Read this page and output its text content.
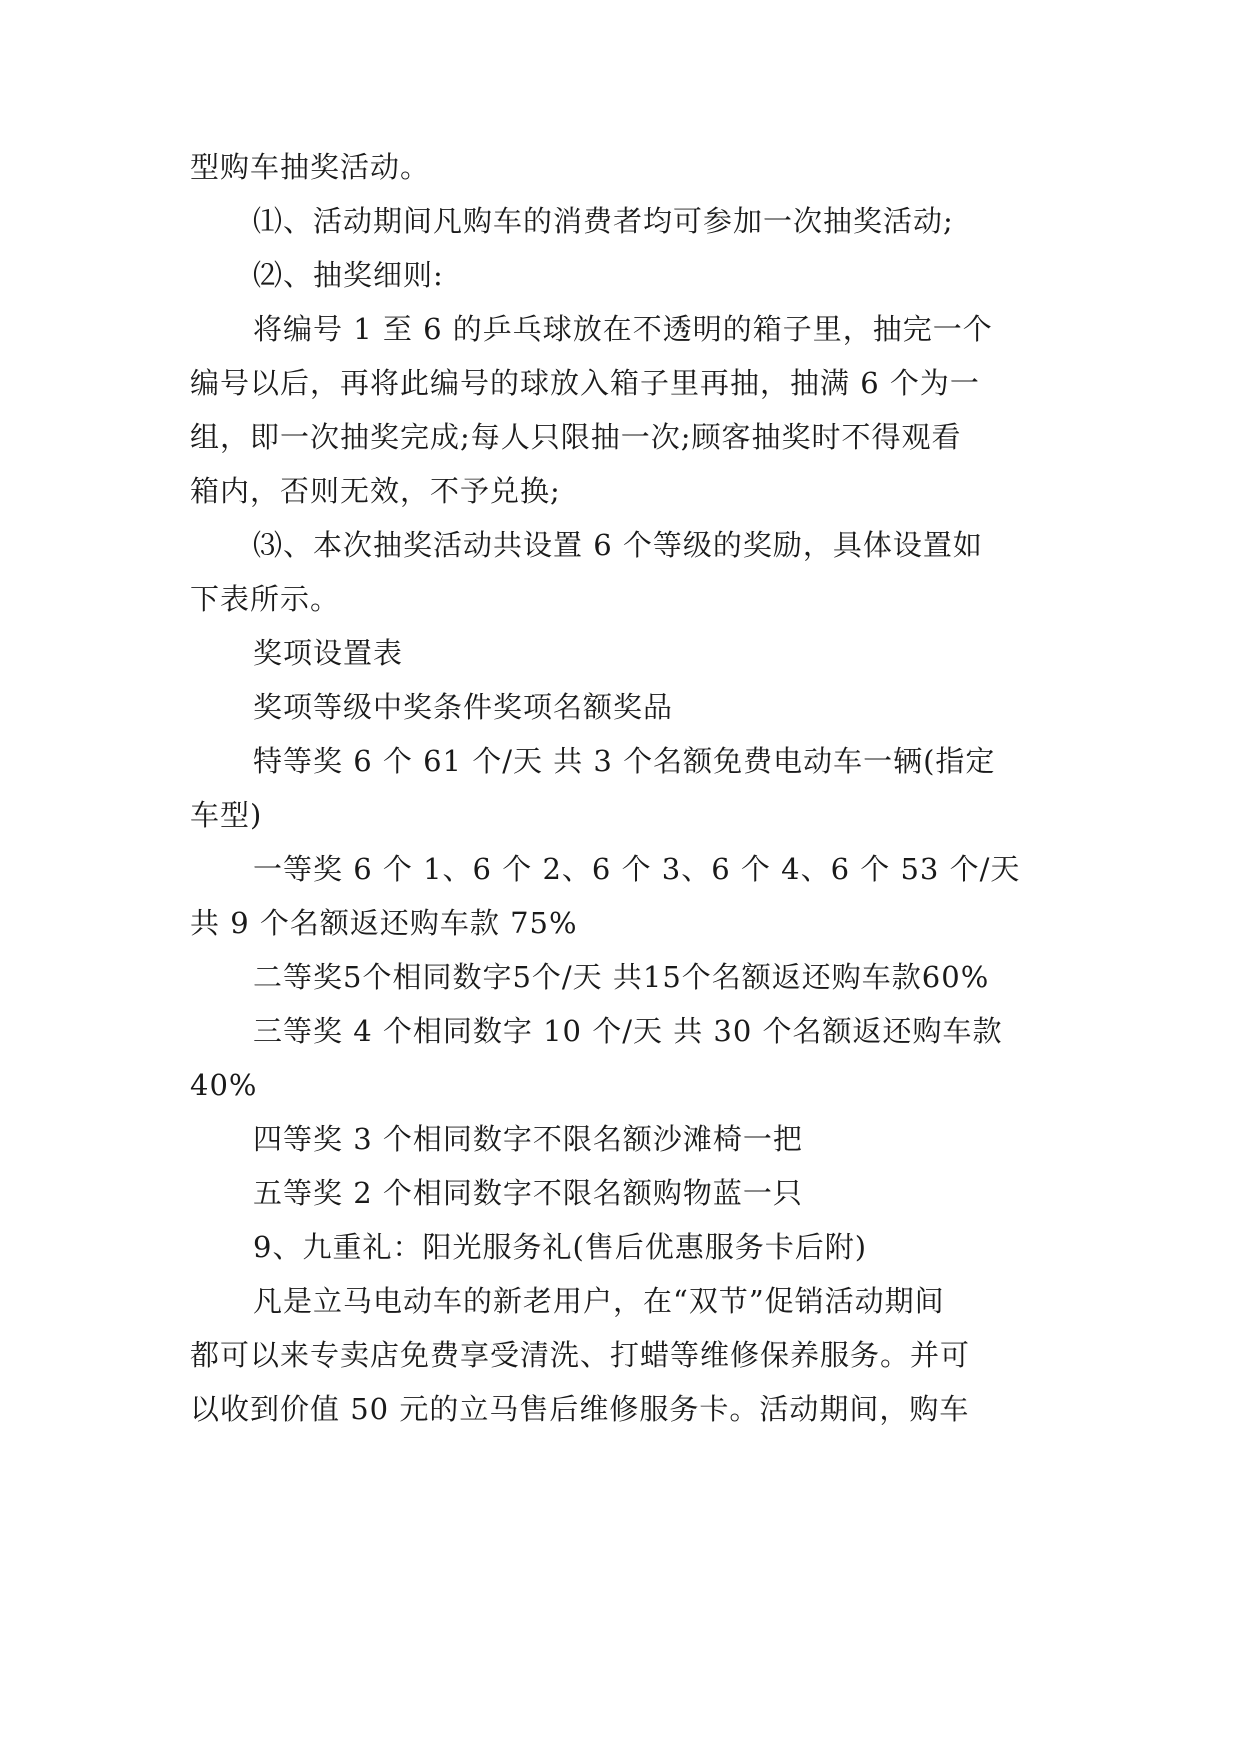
型购车抽奖活动。
⑴、活动期间凡购车的消费者均可参加一次抽奖活动;
⑵、抽奖细则:
将编号 1 至 6 的乒乓球放在不透明的箱子里，抽完一个
编号以后，再将此编号的球放入箱子里再抽，抽满 6 个为一
组，即一次抽奖完成;每人只限抽一次;顾客抽奖时不得观看
箱内，否则无效，不予兑换;
⑶、本次抽奖活动共设置 6 个等级的奖励，具体设置如
下表所示。
奖项设置表
奖项等级中奖条件奖项名额奖品
特等奖 6 个 61 个/天 共 3 个名额免费电动车一辆(指定
车型)
一等奖 6 个 1、6 个 2、6 个 3、6 个 4、6 个 53 个/天
共 9 个名额返还购车款 75%
二等奖5个相同数字5个/天 共15个名额返还购车款60%
三等奖 4 个相同数字 10 个/天 共 30 个名额返还购车款
40%
四等奖 3 个相同数字不限名额沙滩椅一把
五等奖 2 个相同数字不限名额购物蓝一只
9、九重礼：阳光服务礼(售后优惠服务卡后附)
凡是立马电动车的新老用户，在“双节”促销活动期间
都可以来专卖店免费享受清洗、打蜡等维修保养服务。并可
以收到价值 50 元的立马售后维修服务卡。活动期间，购车
